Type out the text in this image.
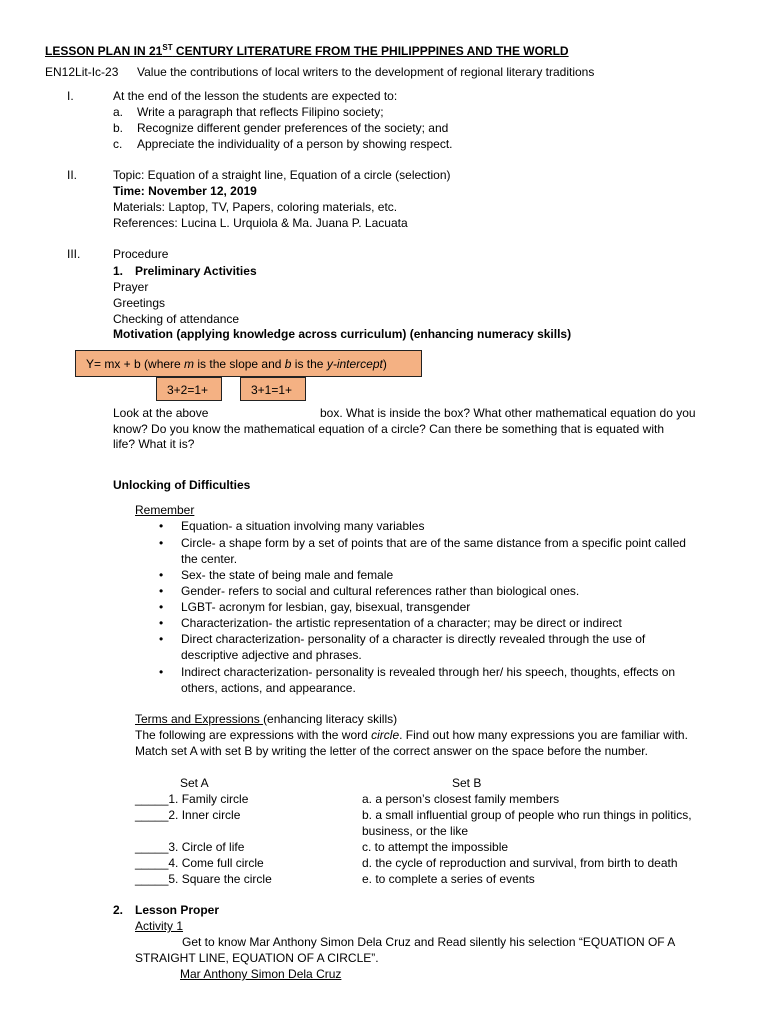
LESSON PLAN IN 21ST CENTURY LITERATURE FROM THE PHILIPPPINES AND THE WORLD
EN12Lit-Ic-23 Value the contributions of local writers to the development of regional literary traditions
I.	At the end of the lesson the students are expected to:
a. Write a paragraph that reflects Filipino society;
b. Recognize different gender preferences of the society; and
c. Appreciate the individuality of a person by showing respect.
II.	Topic: Equation of a straight line, Equation of a circle (selection)
Time: November 12, 2019
Materials: Laptop, TV, Papers, coloring materials, etc.
References: Lucina L. Urquiola & Ma. Juana P. Lacuata
III.	Procedure
1. Preliminary Activities
Prayer
Greetings
Checking of attendance
Motivation (applying knowledge across curriculum) (enhancing numeracy skills)
Y= mx + b (where m is the slope and b is the y-intercept)
3+2=1+	3+1=1+
Look at the above	box. What is inside the box? What other mathematical equation do you
know? Do you know the mathematical equation of a circle? Can there be something that is equated with
life? What it is?
Unlocking of Difficulties
Remember
• Equation- a situation involving many variables
• Circle- a shape form by a set of points that are of the same distance from a specific point called
the center.
• Sex- the state of being male and female
• Gender- refers to social and cultural references rather than biological ones.
• LGBT- acronym for lesbian, gay, bisexual, transgender
• Characterization- the artistic representation of a character; may be direct or indirect
• Direct characterization- personality of a character is directly revealed through the use of
descriptive adjective and phrases.
• Indirect characterization- personality is revealed through her/ his speech, thoughts, effects on
others, actions, and appearance.
Terms and Expressions (enhancing literacy skills)
The following are expressions with the word circle. Find out how many expressions you are familiar with.
Match set A with set B by writing the letter of the correct answer on the space before the number.
Set A	Set B
_____1. Family circle	a. a person’s closest family members
_____2. Inner circle	b. a small influential group of people who run things in politics,
business, or the like
_____3. Circle of life	c. to attempt the impossible
_____4. Come full circle	d. the cycle of reproduction and survival, from birth to death
_____5. Square the circle	e. to complete a series of events
2. Lesson Proper
Activity 1
Get to know Mar Anthony Simon Dela Cruz and Read silently his selection “EQUATION OF A
STRAIGHT LINE, EQUATION OF A CIRCLE”.
Mar Anthony Simon Dela Cruz
